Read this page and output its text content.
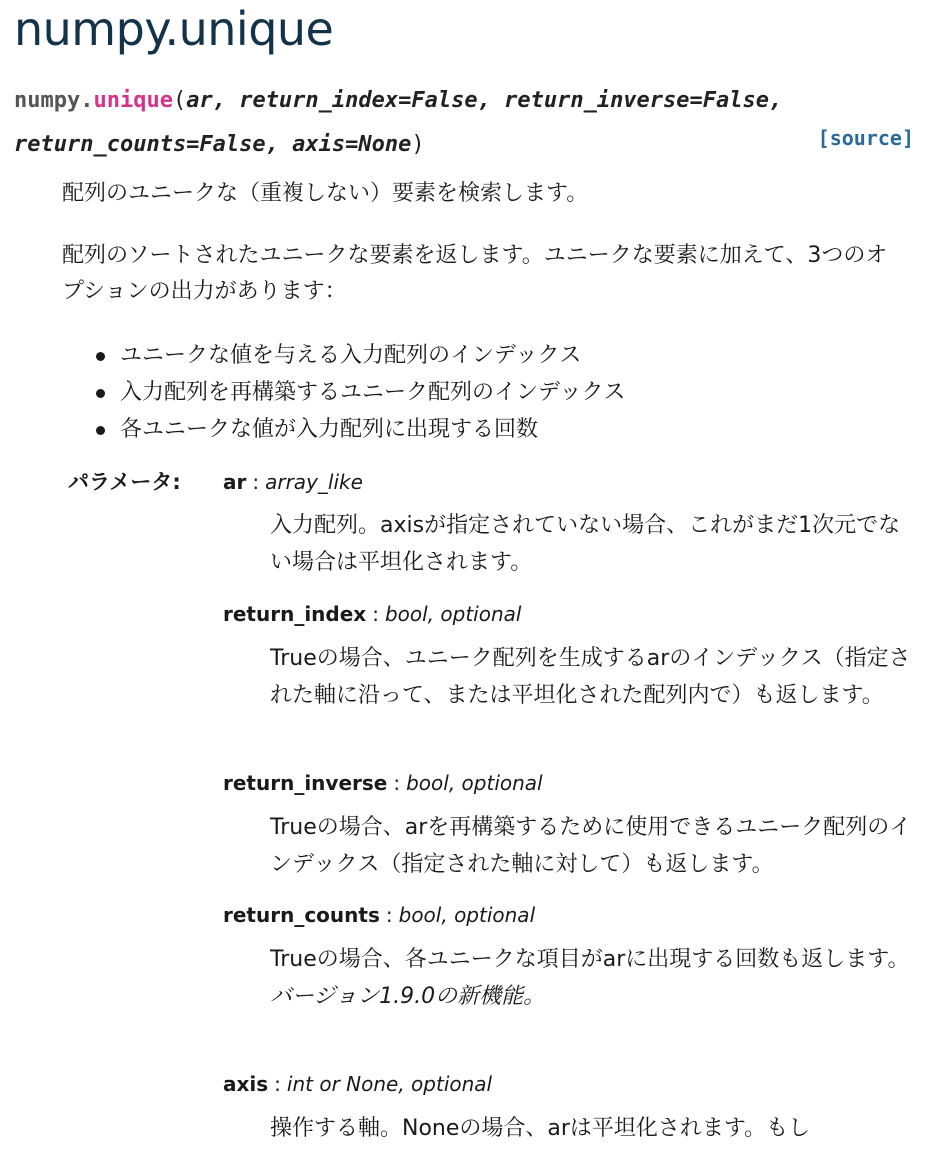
numpy.unique
numpy.unique(ar, return_index=False, return_inverse=False,
return_counts=False, axis=None)	[source]

配列のユニークな（重複しない）要素を検索します。

配列のソートされたユニークな要素を返します。ユニークな要素に加えて、3つのオプションの出力があります：

ユニークな値を与える入力配列のインデックス
入力配列を再構築するユニーク配列のインデックス
各ユニークな値が入力配列に出現する回数
パラメータ: ar : array_like

入力配列。axisが指定されていない場合、これがまだ1次元でない場合は平坦化されます。

return_index : bool, optional

Trueの場合、ユニーク配列を生成するarのインデックス（指定された軸に沿って、または平坦化された配列内で）も返します。

return_inverse : bool, optional

Trueの場合、arを再構築するために使用できるユニーク配列のインデックス（指定された軸に対して）も返します。

return_counts : bool, optional

Trueの場合、各ユニークな項目がarに出現する回数も返します。
バージョン1.9.0の新機能。

axis : int or None, optional

操作する軸。Noneの場合、arは平坦化されます。もし
